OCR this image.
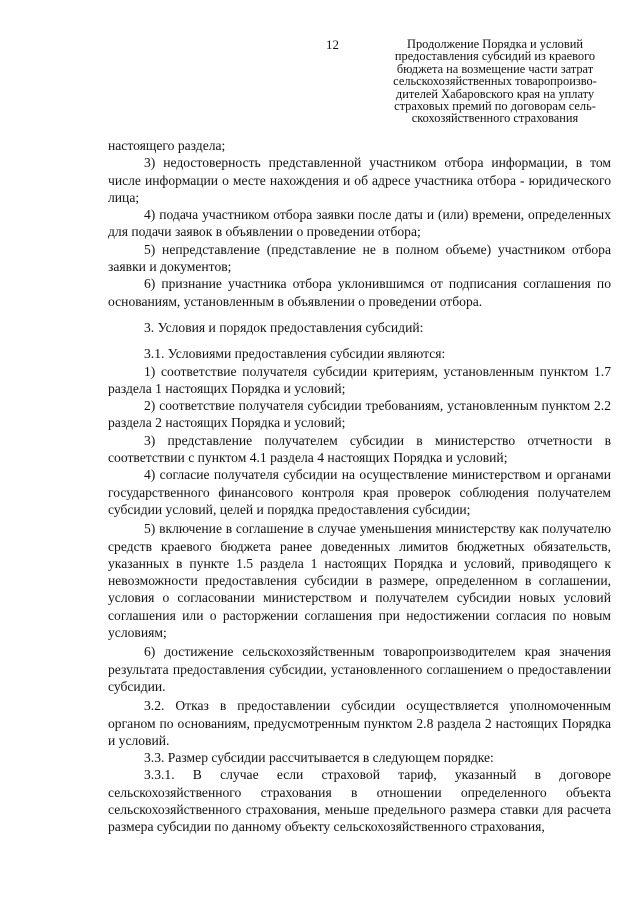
12	Продолжение Порядка и условий
предоставления субсидий из краевого
бюджета на возмещение части затрат
сельскохозяйственных товаропроизво-
дителей Хабаровского края на уплату
страховых премий по договорам сель-
скохозяйственного страхования

настоящего раздела;

3) недостоверность представленной участником отбора информации, в том числе информации о месте нахождения и об адресе участника отбора - юридического лица;

4) подача участником отбора заявки после даты и (или) времени, определенных для подачи заявок в объявлении о проведении отбора;

5) непредставление (представление не в полном объеме) участником отбора заявки и документов;

6) признание участника отбора уклонившимся от подписания соглашения по основаниям, установленным в объявлении о проведении отбора.

3. Условия и порядок предоставления субсидий:

3.1. Условиями предоставления субсидии являются:

1) соответствие получателя субсидии критериям, установленным пунктом 1.7 раздела 1 настоящих Порядка и условий;

2) соответствие получателя субсидии требованиям, установленным пунктом 2.2 раздела 2 настоящих Порядка и условий;

3) представление получателем субсидии в министерство отчетности в соответствии с пунктом 4.1 раздела 4 настоящих Порядка и условий;

4) согласие получателя субсидии на осуществление министерством и органами государственного финансового контроля края проверок соблюдения получателем субсидии условий, целей и порядка предоставления субсидии;

5) включение в соглашение в случае уменьшения министерству как получателю средств краевого бюджета ранее доведенных лимитов бюджетных обязательств, указанных в пункте 1.5 раздела 1 настоящих Порядка и условий, приводящего к невозможности предоставления субсидии в размере, определенном в соглашении, условия о согласовании министерством и получателем субсидии новых условий соглашения или о расторжении соглашения при недостижении согласия по новым условиям;

6) достижение сельскохозяйственным товаропроизводителем края значения результата предоставления субсидии, установленного соглашением о предоставлении субсидии.

3.2. Отказ в предоставлении субсидии осуществляется уполномоченным органом по основаниям, предусмотренным пунктом 2.8 раздела 2 настоящих Порядка и условий.

3.3. Размер субсидии рассчитывается в следующем порядке:

3.3.1. В случае если страховой тариф, указанный в договоре сельскохозяйственного страхования в отношении определенного объекта сельскохозяйственного страхования, меньше предельного размера ставки для расчета размера субсидии по данному объекту сельскохозяйственного страхования,
